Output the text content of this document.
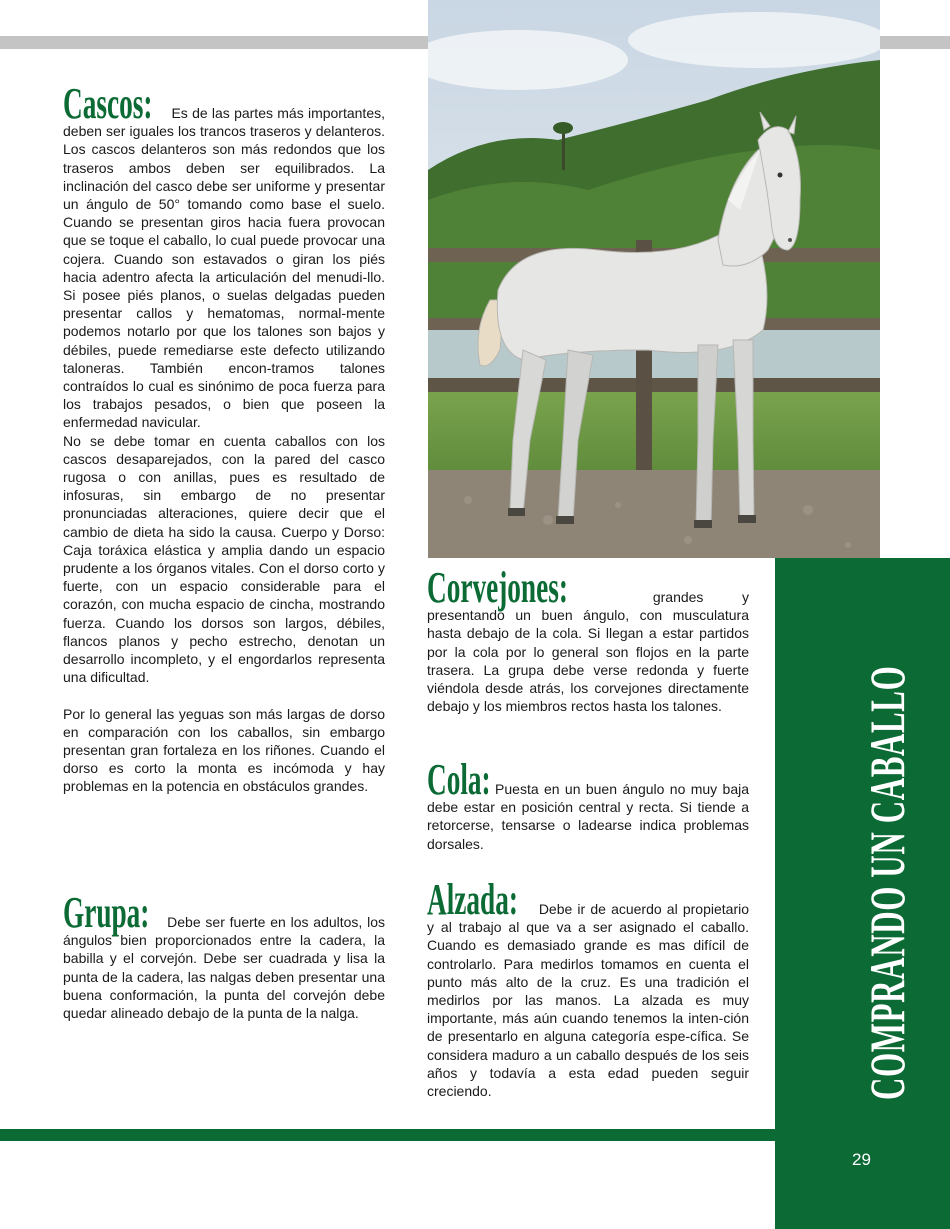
COMPRANDO UN CABALLO
29

Cascos: Es de las partes más importantes, deben ser iguales los trancos traseros y delanteros. Los cascos delanteros son más redondos que los traseros ambos deben ser equilibrados. La inclinación del casco debe ser uniforme y presentar un ángulo de 50° tomando como base el suelo. Cuando se presentan giros hacia fuera provocan que se toque el caballo, lo cual puede provocar una cojera. Cuando son estavados o giran los piés hacia adentro afecta la articulación del menudi-llo. Si posee piés planos, o suelas delgadas pueden presentar callos y hematomas, normal-mente podemos notarlo por que los talones son bajos y débiles, puede remediarse este defecto utilizando taloneras. También encon-tramos talones contraídos lo cual es sinónimo de poca fuerza para los trabajos pesados, o bien que poseen la enfermedad navicular.

No se debe tomar en cuenta caballos con los cascos desaparejados, con la pared del casco rugosa o con anillas, pues es resultado de infosuras, sin embargo de no presentar pronunciadas alteraciones, quiere decir que el cambio de dieta ha sido la causa. Cuerpo y Dorso: Caja toráxica elástica y amplia dando un espacio prudente a los órganos vitales. Con el dorso corto y fuerte, con un espacio considerable para el corazón, con mucha espacio de cincha, mostrando fuerza. Cuando los dorsos son largos, débiles, flancos planos y pecho estrecho, denotan un desarrollo incompleto, y el engordarlos representa una dificultad.

Por lo general las yeguas son más largas de dorso en comparación con los caballos, sin embargo presentan gran fortaleza en los riñones. Cuando el dorso es corto la monta es incómoda y hay problemas en la potencia en obstáculos grandes.

Grupa: Debe ser fuerte en los adultos, los ángulos bien proporcionados entre la cadera, la babilla y el corvejón. Debe ser cuadrada y lisa la punta de la cadera, las nalgas deben presentar una buena conformación, la punta del corvejón debe quedar alineado debajo de la punta de la nalga.

Corvejones:	grandes y presentando un buen ángulo, con musculatura hasta debajo de la cola. Si llegan a estar partidos por la cola por lo general son flojos en la parte trasera. La grupa debe verse redonda y fuerte viéndola desde atrás, los corvejones directamente debajo y los miembros rectos hasta los talones.

Cola: Puesta en un buen ángulo no muy baja debe estar en posición central y recta. Si tiende a retorcerse, tensarse o ladearse indica problemas dorsales.

Alzada: Debe ir de acuerdo al propietario y al trabajo al que va a ser asignado el caballo. Cuando es demasiado grande es mas difícil de controlarlo. Para medirlos tomamos en cuenta el punto más alto de la cruz. Es una tradición el medirlos por las manos. La alzada es muy importante, más aún cuando tenemos la inten-ción de presentarlo en alguna categoría espe-cífica. Se considera maduro a un caballo después de los seis años y todavía a esta edad pueden seguir creciendo.
